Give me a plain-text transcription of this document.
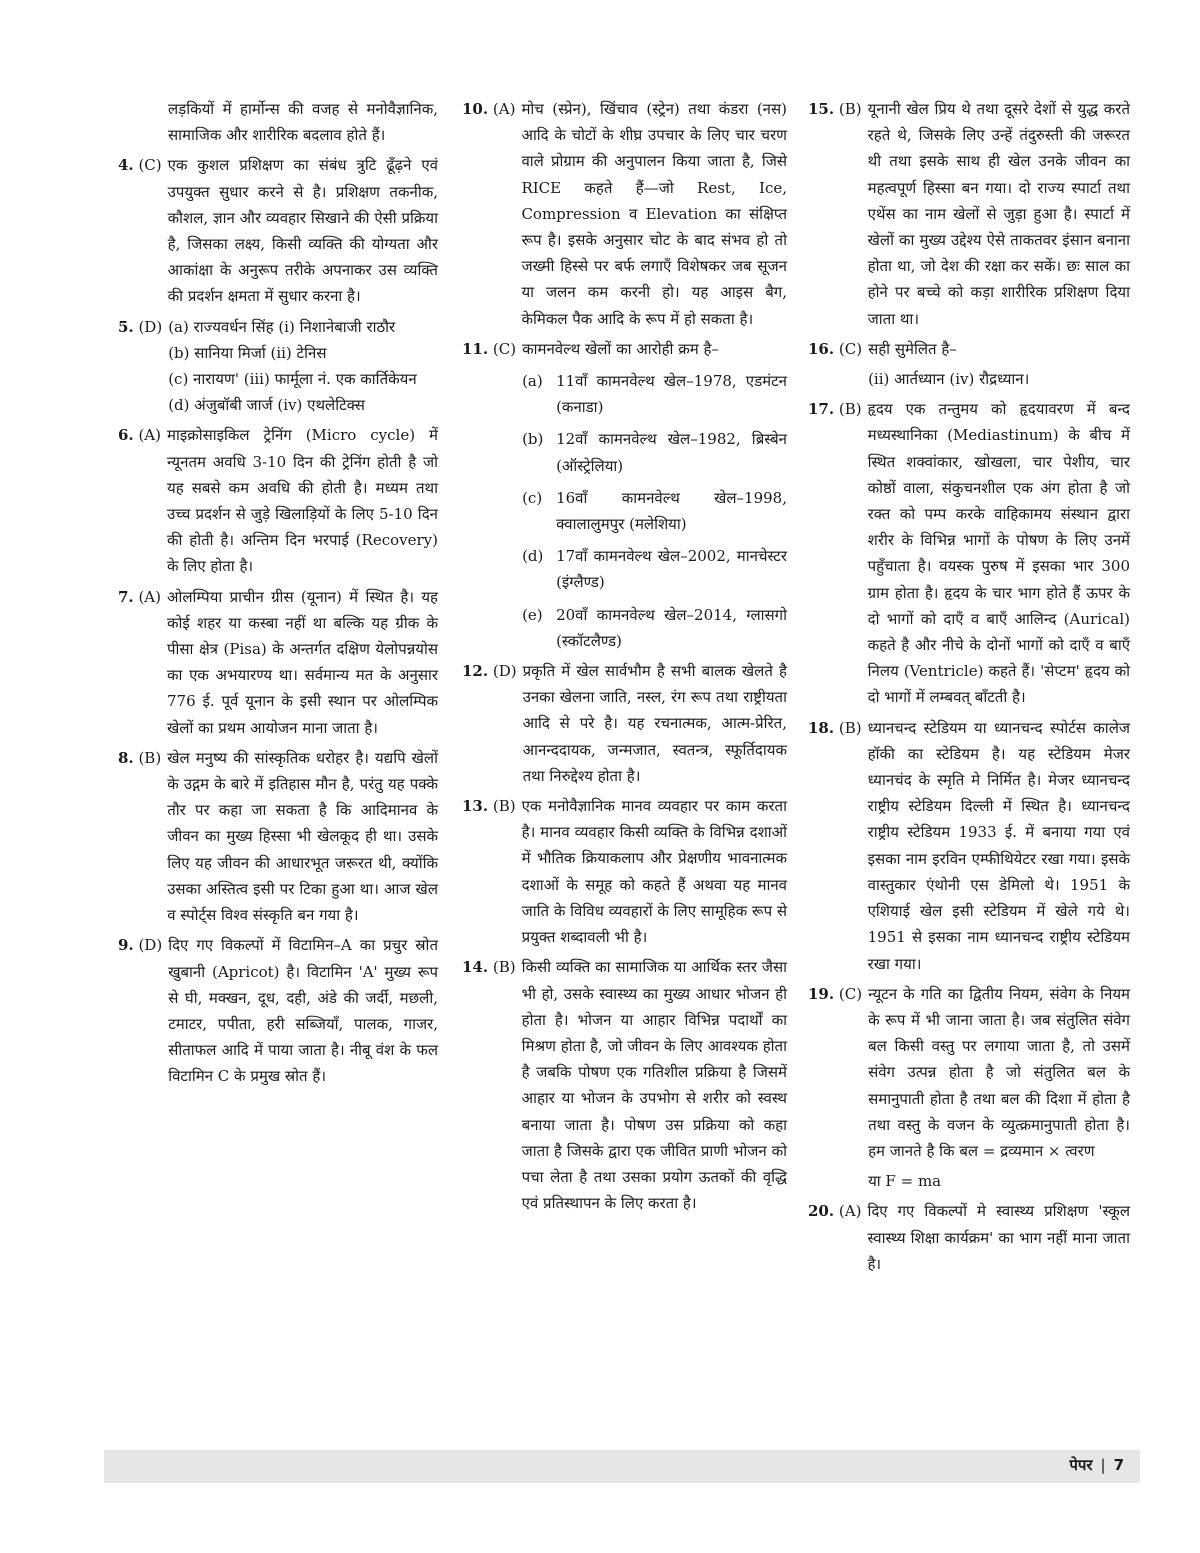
लड़कियों में हार्मोन्स की वजह से मनोवैज्ञानिक, सामाजिक और शारीरिक बदलाव होते हैं।
4. (C) एक कुशल प्रशिक्षण का संबंध त्रुटि ढूँढ़ने एवं उपयुक्त सुधार करने से है। प्रशिक्षण तकनीक, कौशल, ज्ञान और व्यवहार सिखाने की ऐसी प्रक्रिया है, जिसका लक्ष्य, किसी व्यक्ति की योग्यता और आकांक्षा के अनुरूप तरीके अपनाकर उस व्यक्ति की प्रदर्शन क्षमता में सुधार करना है।
5. (D) (a) राज्यवर्धन सिंह (i) निशानेबाजी राठौर
(b) सानिया मिर्जा (ii) टेनिस
(c) नारायण' (iii) फार्मूला नं. एक कार्तिकेयन
(d) अंजुबॉबी जार्ज (iv) एथलेटिक्स
6. (A) माइक्रोसाइकिल ट्रेनिंग (Micro cycle) में न्यूनतम अवधि 3-10 दिन की ट्रेनिंग होती है जो यह सबसे कम अवधि की होती है। मध्यम तथा उच्च प्रदर्शन से जुड़े खिलाड़ियों के लिए 5-10 दिन की होती है। अन्तिम दिन भरपाई (Recovery) के लिए होता है।
7. (A) ओलम्पिया प्राचीन ग्रीस (यूनान) में स्थित है। यह कोई शहर या कस्बा नहीं था बल्कि यह ग्रीक के पीसा क्षेत्र (Pisa) के अन्तर्गत दक्षिण येलोपन्नयोस का एक अभयारण्य था। सर्वमान्य मत के अनुसार 776 ई. पूर्व यूनान के इसी स्थान पर ओलम्पिक खेलों का प्रथम आयोजन माना जाता है।
8. (B) खेल मनुष्य की सांस्कृतिक धरोहर है। यद्यपि खेलों के उद्गम के बारे में इतिहास मौन है, परंतु यह पक्के तौर पर कहा जा सकता है कि आदिमानव के जीवन का मुख्य हिस्सा भी खेलकूद ही था। उसके लिए यह जीवन की आधारभूत जरूरत थी, क्योंकि उसका अस्तित्व इसी पर टिका हुआ था। आज खेल व स्पोर्ट्स विश्व संस्कृति बन गया है।
9. (D) दिए गए विकल्पों में विटामिन–A का प्रचुर स्रोत खुबानी (Apricot) है। विटामिन 'A' मुख्य रूप से घी, मक्खन, दूध, दही, अंडे की जर्दी, मछली, टमाटर, पपीता, हरी सब्जियाँ, पालक, गाजर, सीताफल आदि में पाया जाता है। नीबू वंश के फल विटामिन C के प्रमुख स्रोत हैं।
10. (A) मोच (स्प्रेन), खिंचाव (स्ट्रेन) तथा कंडरा (नस) आदि के चोटों के शीघ्र उपचार के लिए चार चरण वाले प्रोग्राम की अनुपालन किया जाता है, जिसे RICE कहते हैं—जो Rest, Ice, Compression व Elevation का संक्षिप्त रूप है। इसके अनुसार चोट के बाद संभव हो तो जख्मी हिस्से पर बर्फ लगाएँ विशेषकर जब सूजन या जलन कम करनी हो। यह आइस बैग, केमिकल पैक आदि के रूप में हो सकता है।
11. (C) कामनवेल्थ खेलों का आरोही क्रम है–
(a) 11वाँ कामनवेल्थ खेल–1978, एडमंटन (कनाडा)
(b) 12वाँ कामनवेल्थ खेल–1982, ब्रिस्बेन (ऑस्ट्रेलिया)
(c) 16वाँ कामनवेल्थ खेल–1998, क्वालालुमपुर (मलेशिया)
(d) 17वाँ कामनवेल्थ खेल–2002, मानचेस्टर (इंग्लैण्ड)
(e) 20वाँ कामनवेल्थ खेल–2014, ग्लासगो (स्कॉटलैण्ड)
12. (D) प्रकृति में खेल सार्वभौम है सभी बालक खेलते है उनका खेलना जाति, नस्ल, रंग रूप तथा राष्ट्रीयता आदि से परे है। यह रचनात्मक, आत्म-प्रेरित, आनन्ददायक, जन्मजात, स्वतन्त्र, स्फूर्तिदायक तथा निरुद्देश्य होता है।
13. (B) एक मनोवैज्ञानिक मानव व्यवहार पर काम करता है। मानव व्यवहार किसी व्यक्ति के विभिन्न दशाओं में भौतिक क्रियाकलाप और प्रेक्षणीय भावनात्मक दशाओं के समूह को कहते हैं अथवा यह मानव जाति के विविध व्यवहारों के लिए सामूहिक रूप से प्रयुक्त शब्दावली भी है।
14. (B) किसी व्यक्ति का सामाजिक या आर्थिक स्तर जैसा भी हो, उसके स्वास्थ्य का मुख्य आधार भोजन ही होता है। भोजन या आहार विभिन्न पदार्थों का मिश्रण होता है, जो जीवन के लिए आवश्यक होता है जबकि पोषण एक गतिशील प्रक्रिया है जिसमें आहार या भोजन के उपभोग से शरीर को स्वस्थ बनाया जाता है। पोषण उस प्रक्रिया को कहा जाता है जिसके द्वारा एक जीवित प्राणी भोजन को पचा लेता है तथा उसका प्रयोग ऊतकों की वृद्धि एवं प्रतिस्थापन के लिए करता है।
15. (B) यूनानी खेल प्रिय थे तथा दूसरे देशों से युद्ध करते रहते थे, जिसके लिए उन्हें तंदुरुस्ती की जरूरत थी तथा इसके साथ ही खेल उनके जीवन का महत्वपूर्ण हिस्सा बन गया। दो राज्य स्पार्टा तथा एथेंस का नाम खेलों से जुड़ा हुआ है। स्पार्टा में खेलों का मुख्य उद्देश्य ऐसे ताकतवर इंसान बनाना होता था, जो देश की रक्षा कर सकें। छः साल का होने पर बच्चे को कड़ा शारीरिक प्रशिक्षण दिया जाता था।
16. (C) सही सुमेलित है–
(ii) आर्तध्यान (iv) रौद्रध्यान।
17. (B) हृदय एक तन्तुमय को हृदयावरण में बन्द मध्यस्थानिका (Mediastinum) के बीच में स्थित शक्वांकार, खोखला, चार पेशीय, चार कोष्ठों वाला, संकुचनशील एक अंग होता है जो रक्त को पम्प करके वाहिकामय संस्थान द्वारा शरीर के विभिन्न भागों के पोषण के लिए उनमें पहुँचाता है। वयस्क पुरुष में इसका भार 300 ग्राम होता है। हृदय के चार भाग होते हैं ऊपर के दो भागों को दाएँ व बाएँ आलिन्द (Aurical) कहते है और नीचे के दोनों भागों को दाएँ व बाएँ निलय (Ventricle) कहते हैं। 'सेप्टम' हृदय को दो भागों में लम्बवत् बाँटती है।
18. (B) ध्यानचन्द स्टेडियम या ध्यानचन्द स्पोर्टस कालेज हॉकी का स्टेडियम है। यह स्टेडियम मेजर ध्यानचंद के स्मृति मे निर्मित है। मेजर ध्यानचन्द राष्ट्रीय स्टेडियम दिल्ली में स्थित है। ध्यानचन्द राष्ट्रीय स्टेडियम 1933 ई. में बनाया गया एवं इसका नाम इरविन एम्फीथियेटर रखा गया। इसके वास्तुकार एंथोनी एस डेमिलो थे। 1951 के एशियाई खेल इसी स्टेडियम में खेले गये थे। 1951 से इसका नाम ध्यानचन्द राष्ट्रीय स्टेडियम रखा गया।
19. (C) न्यूटन के गति का द्वितीय नियम, संवेग के नियम के रूप में भी जाना जाता है। जब संतुलित संवेग बल किसी वस्तु पर लगाया जाता है, तो उसमें संवेग उत्पन्न होता है जो संतुलित बल के समानुपाती होता है तथा बल की दिशा में होता है तथा वस्तु के वजन के व्युत्क्रमानुपाती होता है। हम जानते है कि बल = द्रव्यमान × त्वरण
या F = ma
20. (A) दिए गए विकल्पों मे स्वास्थ्य प्रशिक्षण 'स्कूल स्वास्थ्य शिक्षा कार्यक्रम' का भाग नहीं माना जाता है।
पेपर | 7
